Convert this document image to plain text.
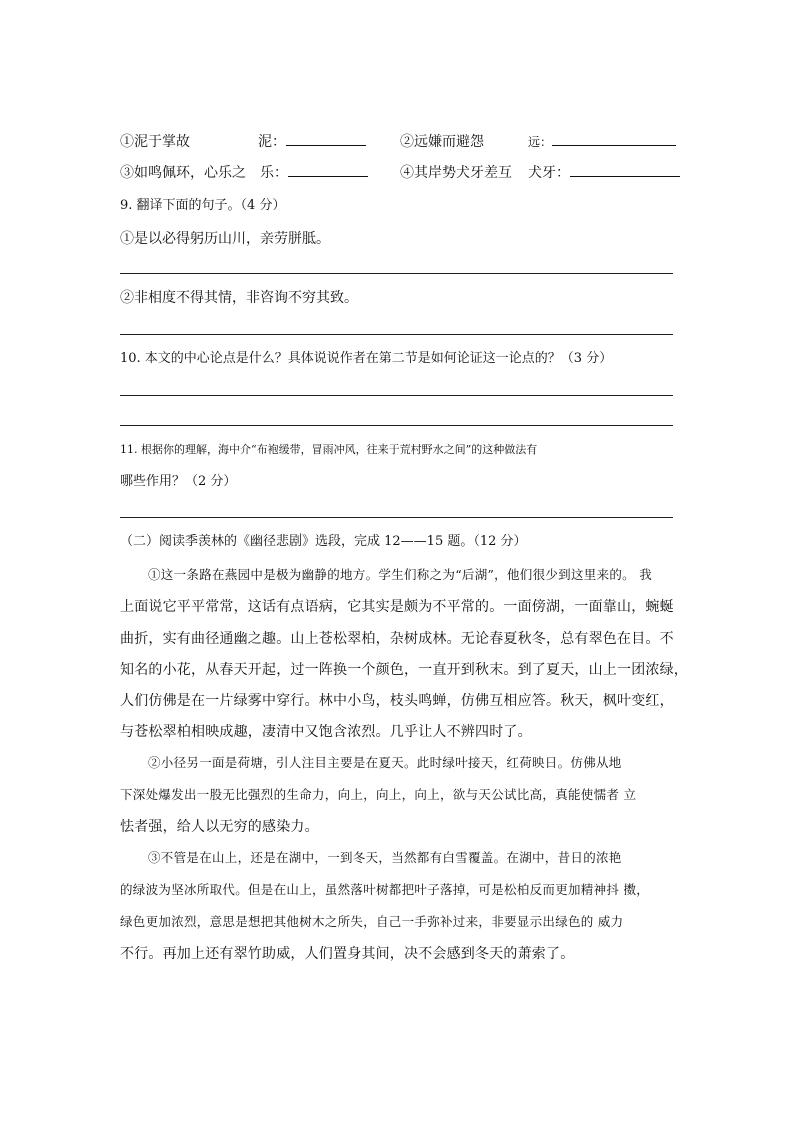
①泥于掌故	泥：	②远嫌而避怨	远：
③如鸣佩环，心乐之 乐：	④其岸势犬牙差互 犬牙：
9. 翻译下面的句子。（4 分）
①是以必得躬历山川，亲劳胼胝。
②非相度不得其情，非咨询不穷其致。
10. 本文的中心论点是什么？具体说说作者在第二节是如何论证这一论点的？（3 分）
11. 根据你的理解，海中介“布袍缓带，冒雨冲风，往来于荒村野水之间”的这种做法有
哪些作用？（2 分）
（二）阅读季羡林的《幽径悲剧》选段，完成 12——15 题。（12 分）
①这一条路在燕园中是极为幽静的地方。学生们称之为“后湖”，他们很少到这里来的。 我
上面说它平平常常，这话有点语病，它其实是颇为不平常的。一面傍湖，一面靠山，蜿蜒
曲折，实有曲径通幽之趣。山上苍松翠柏，杂树成林。无论春夏秋冬，总有翠色在目。不
知名的小花，从春天开起，过一阵换一个颜色，一直开到秋末。到了夏天，山上一团浓绿，
人们仿佛是在一片绿雾中穿行。林中小鸟，枝头鸣蝉，仿佛互相应答。秋天，枫叶变红，
与苍松翠柏相映成趣，凄清中又饱含浓烈。几乎让人不辨四时了。
②小径另一面是荷塘，引人注目主要是在夏天。此时绿叶接天，红荷映日。仿佛从地
下深处爆发出一股无比强烈的生命力，向上，向上，向上，欲与天公试比高，真能使懦者 立
怯者强，给人以无穷的感染力。
③不管是在山上，还是在湖中，一到冬天，当然都有白雪覆盖。在湖中，昔日的浓艳
的绿波为坚冰所取代。但是在山上，虽然落叶树都把叶子落掉，可是松柏反而更加精神抖 擞，
绿色更加浓烈，意思是想把其他树木之所失，自己一手弥补过来，非要显示出绿色的 威力
不行。再加上还有翠竹助威，人们置身其间，决不会感到冬天的萧索了。
